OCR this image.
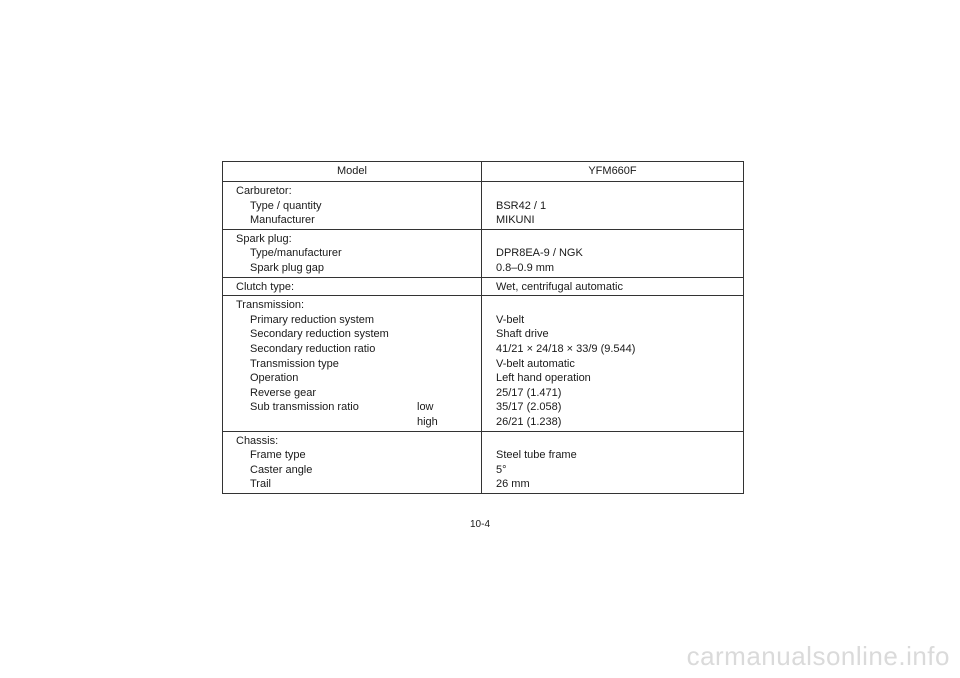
Model	YFM660F
Carburetor:
Type / quantity	BSR42 / 1
Manufacturer	MIKUNI
Spark plug:
Type/manufacturer	DPR8EA-9 / NGK
Spark plug gap	0.8–0.9 mm
Clutch type:	Wet, centrifugal automatic
Transmission:
Primary reduction system	V-belt
Secondary reduction system	Shaft drive
Secondary reduction ratio	41/21 × 24/18 × 33/9 (9.544)
Transmission type	V-belt automatic
Operation	Left hand operation
Reverse gear	25/17 (1.471)
Sub transmission ratio	low	35/17 (2.058)
high	26/21 (1.238)
Chassis:
Frame type	Steel tube frame
Caster angle	5°
Trail	26 mm
10-4
carmanualsonline.info
